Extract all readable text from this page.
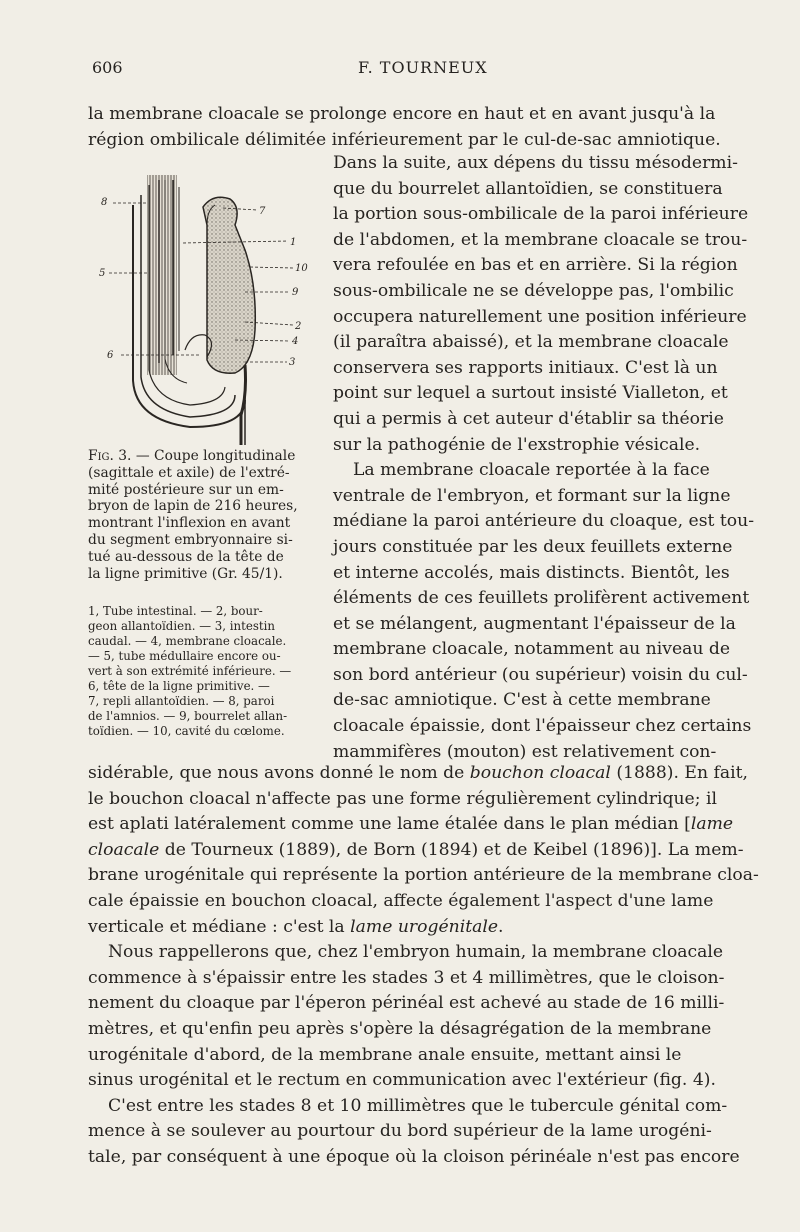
606	F. TOURNEUX
la membrane cloacale se prolonge encore en haut et en avant jusqu'à la
région ombilicale délimitée inférieurement par le cul-de-sac amniotique.
8
7
1
10
5
9
2
4
6
3
Fig. 3. — Coupe longitudinale
(sagittale et axile) de l'extré-
mité postérieure sur un em-
bryon de lapin de 216 heures,
montrant l'inflexion en avant
du segment embryonnaire si-
tué au-dessous de la tête de
la ligne primitive (Gr. 45/1).
1, Tube intestinal. — 2, bour-
geon allantoïdien. — 3, intestin
caudal. — 4, membrane cloacale.
— 5, tube médullaire encore ou-
vert à son extrémité inférieure. —
6, tête de la ligne primitive. —
7, repli allantoïdien. — 8, paroi
de l'amnios. — 9, bourrelet allan-
toïdien. — 10, cavité du cœlome.
Dans la suite, aux dépens du tissu mésodermi-
que du bourrelet allantoïdien, se constituera
la portion sous-ombilicale de la paroi inférieure
de l'abdomen, et la membrane cloacale se trou-
vera refoulée en bas et en arrière. Si la région
sous-ombilicale ne se développe pas, l'ombilic
occupera naturellement une position inférieure
(il paraîtra abaissé), et la membrane cloacale
conservera ses rapports initiaux. C'est là un
point sur lequel a surtout insisté Vialleton, et
qui a permis à cet auteur d'établir sa théorie
sur la pathogénie de l'exstrophie vésicale.
La membrane cloacale reportée à la face
ventrale de l'embryon, et formant sur la ligne
médiane la paroi antérieure du cloaque, est tou-
jours constituée par les deux feuillets externe
et interne accolés, mais distincts. Bientôt, les
éléments de ces feuillets prolifèrent activement
et se mélangent, augmentant l'épaisseur de la
membrane cloacale, notamment au niveau de
son bord antérieur (ou supérieur) voisin du cul-
de-sac amniotique. C'est à cette membrane
cloacale épaissie, dont l'épaisseur chez certains
mammifères (mouton) est relativement con-
sidérable, que nous avons donné le nom de bouchon cloacal (1888). En fait,
le bouchon cloacal n'affecte pas une forme régulièrement cylindrique; il
est aplati latéralement comme une lame étalée dans le plan médian [lame
cloacale de Tourneux (1889), de Born (1894) et de Keibel (1896)]. La mem-
brane urogénitale qui représente la portion antérieure de la membrane cloa-
cale épaissie en bouchon cloacal, affecte également l'aspect d'une lame
verticale et médiane : c'est la lame urogénitale.
Nous rappellerons que, chez l'embryon humain, la membrane cloacale
commence à s'épaissir entre les stades 3 et 4 millimètres, que le cloison-
nement du cloaque par l'éperon périnéal est achevé au stade de 16 milli-
mètres, et qu'enfin peu après s'opère la désagrégation de la membrane
urogénitale d'abord, de la membrane anale ensuite, mettant ainsi le
sinus urogénital et le rectum en communication avec l'extérieur (fig. 4).
C'est entre les stades 8 et 10 millimètres que le tubercule génital com-
mence à se soulever au pourtour du bord supérieur de la lame urogéni-
tale, par conséquent à une époque où la cloison périnéale n'est pas encore
